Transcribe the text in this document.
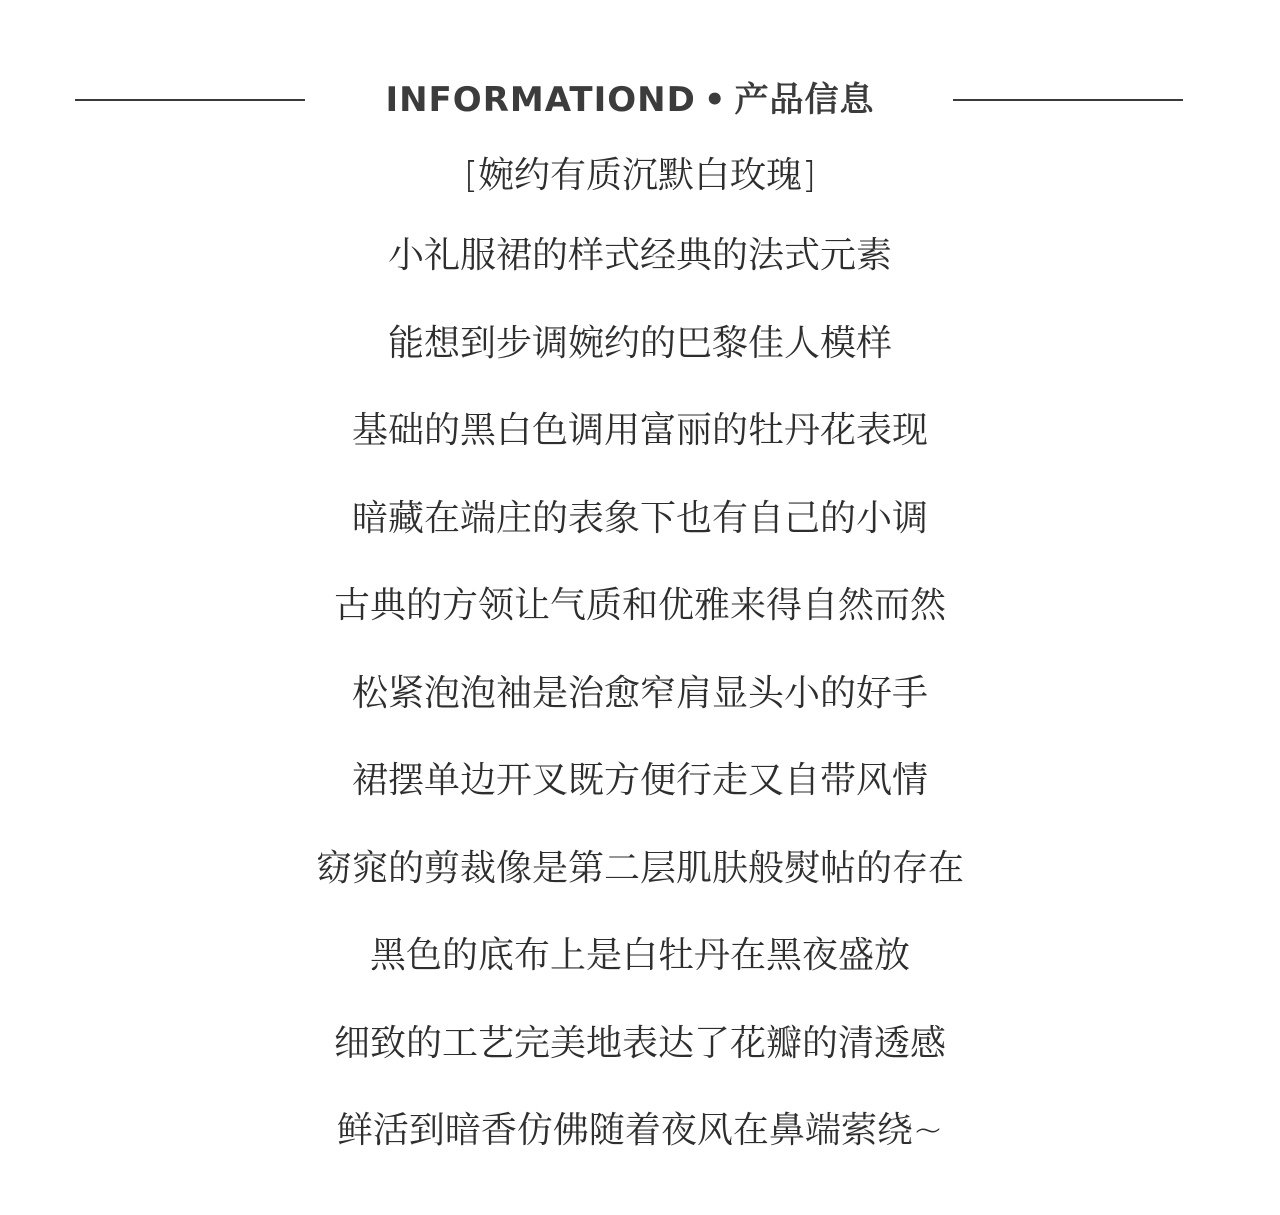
INFORMATIOND • 产品信息
[婉约有质沉默白玫瑰]
小礼服裙的样式经典的法式元素
能想到步调婉约的巴黎佳人模样
基础的黑白色调用富丽的牡丹花表现
暗藏在端庄的表象下也有自己的小调
古典的方领让气质和优雅来得自然而然
松紧泡泡袖是治愈窄肩显头小的好手
裙摆单边开叉既方便行走又自带风情
窈窕的剪裁像是第二层肌肤般熨帖的存在
黑色的底布上是白牡丹在黑夜盛放
细致的工艺完美地表达了花瓣的清透感
鲜活到暗香仿佛随着夜风在鼻端萦绕~
